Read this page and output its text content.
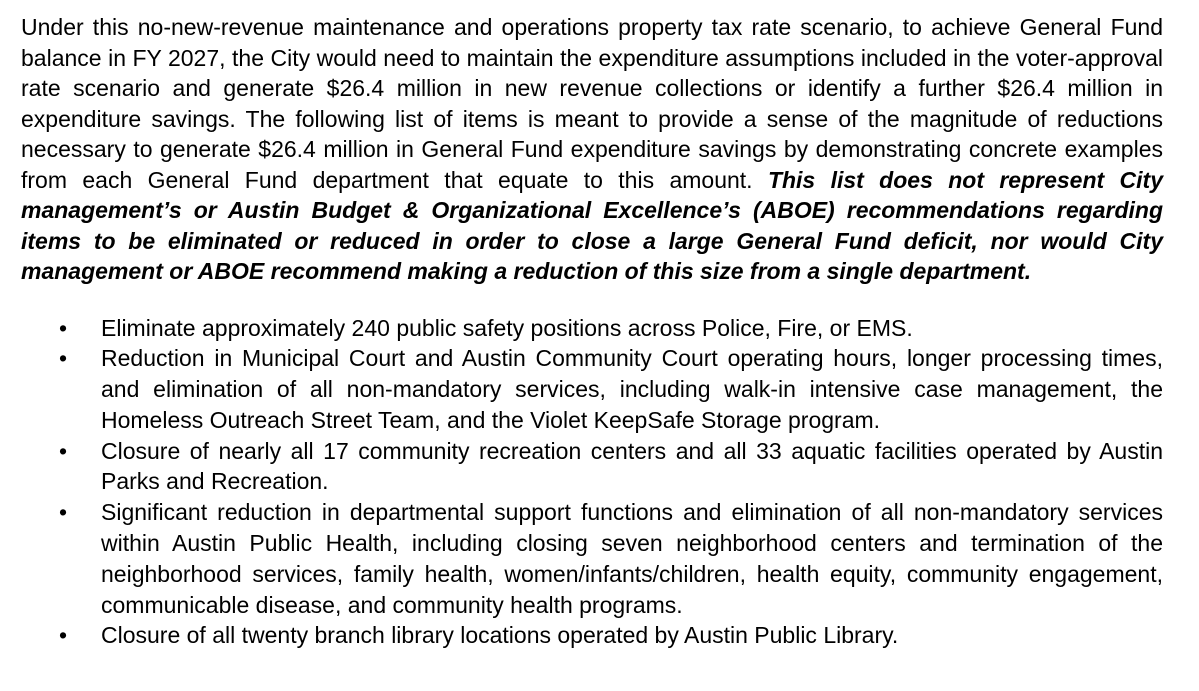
Under this no-new-revenue maintenance and operations property tax rate scenario, to achieve General Fund balance in FY 2027, the City would need to maintain the expenditure assumptions included in the voter-approval rate scenario and generate $26.4 million in new revenue collections or identify a further $26.4 million in expenditure savings. The following list of items is meant to provide a sense of the magnitude of reductions necessary to generate $26.4 million in General Fund expenditure savings by demonstrating concrete examples from each General Fund department that equate to this amount. This list does not represent City management’s or Austin Budget & Organizational Excellence’s (ABOE) recommendations regarding items to be eliminated or reduced in order to close a large General Fund deficit, nor would City management or ABOE recommend making a reduction of this size from a single department.

• Eliminate approximately 240 public safety positions across Police, Fire, or EMS.
• Reduction in Municipal Court and Austin Community Court operating hours, longer processing times, and elimination of all non-mandatory services, including walk-in intensive case management, the Homeless Outreach Street Team, and the Violet KeepSafe Storage program.
• Closure of nearly all 17 community recreation centers and all 33 aquatic facilities operated by Austin Parks and Recreation.
• Significant reduction in departmental support functions and elimination of all non-mandatory services within Austin Public Health, including closing seven neighborhood centers and termination of the neighborhood services, family health, women/infants/children, health equity, community engagement, communicable disease, and community health programs.
• Closure of all twenty branch library locations operated by Austin Public Library.
